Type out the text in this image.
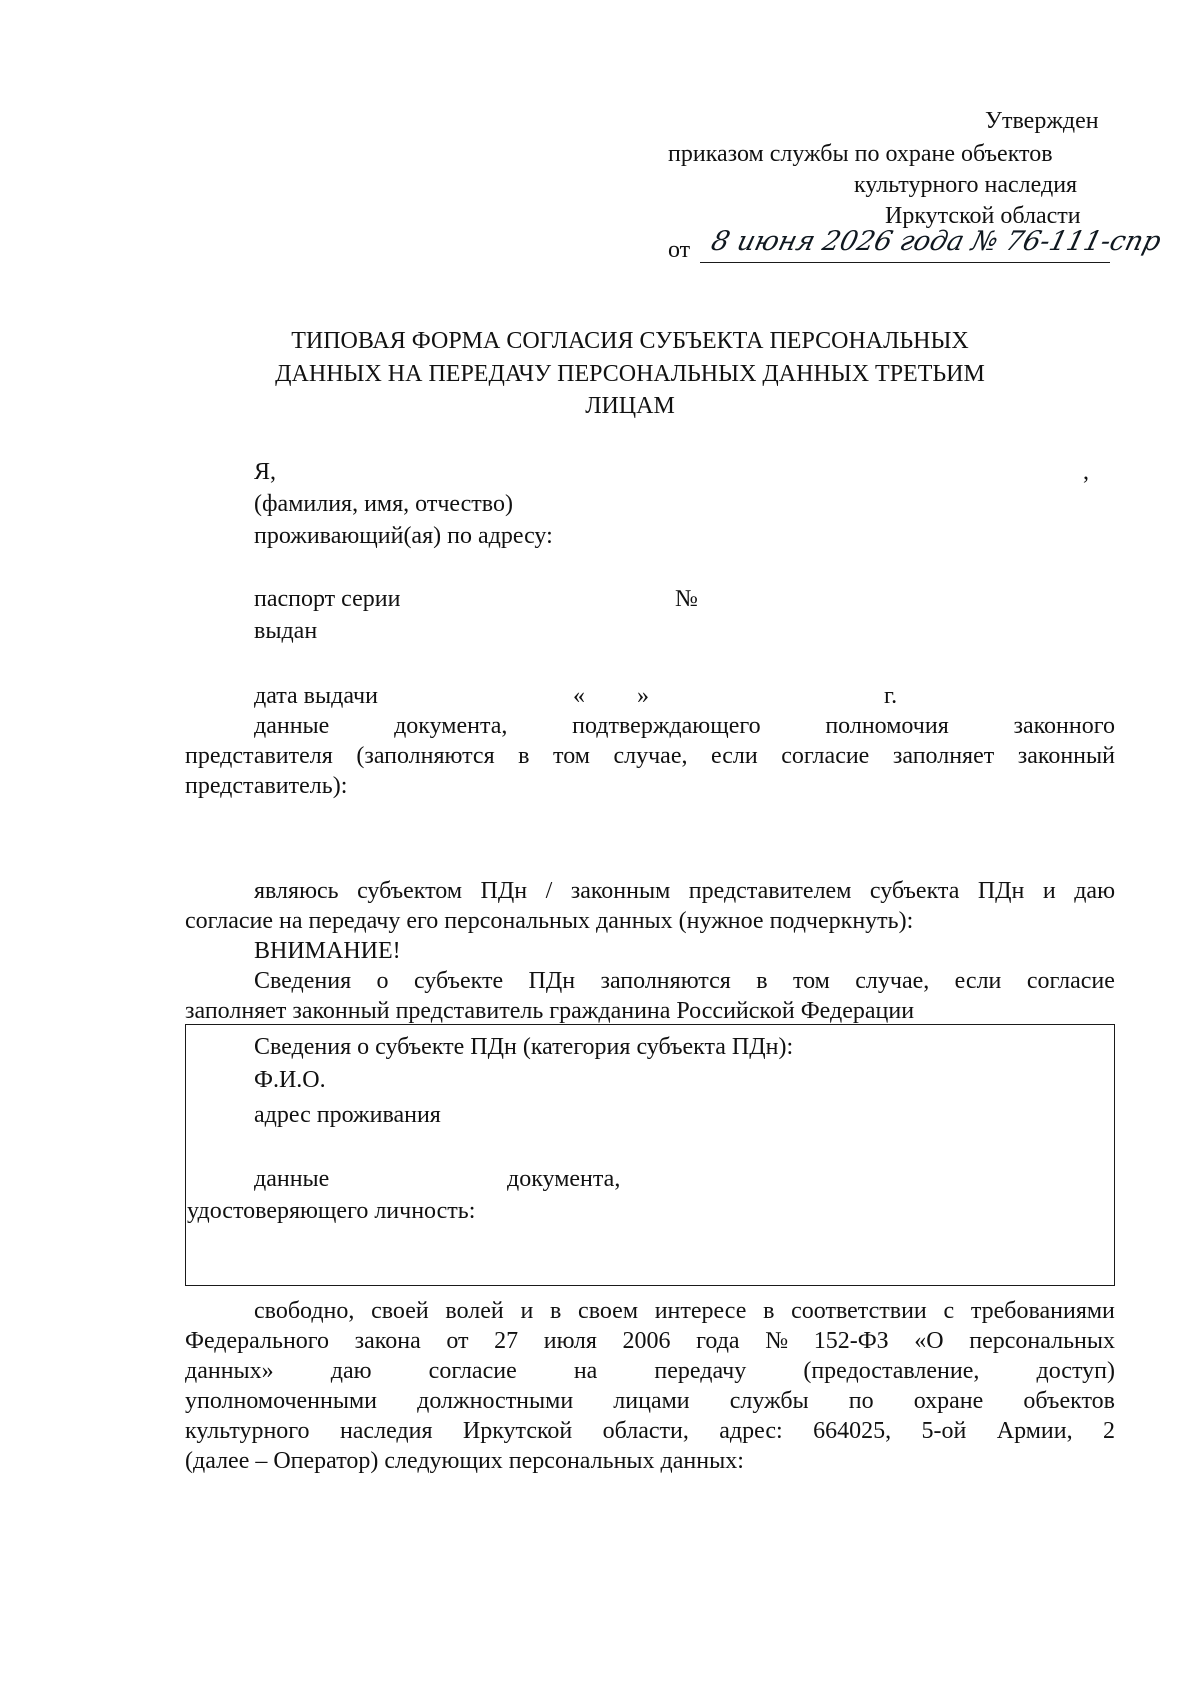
Утвержден
приказом службы по охране объектов
культурного наследия
Иркутской области
от 8 июня 2026 года № 76-111-спр
ТИПОВАЯ ФОРМА СОГЛАСИЯ СУБЪЕКТА ПЕРСОНАЛЬНЫХ
ДАННЫХ НА ПЕРЕДАЧУ ПЕРСОНАЛЬНЫХ ДАННЫХ ТРЕТЬИМ
ЛИЦАМ
Я,	,
(фамилия, имя, отчество)
проживающий(ая) по адресу:
паспорт серии	№
выдан
дата выдачи	« »	г.
данные	документа,	подтверждающего	полномочия	законного
представителя (заполняются в том случае, если согласие заполняет законный
представитель):
являюсь субъектом ПДн / законным представителем субъекта ПДн и даю
согласие на передачу его персональных данных (нужное подчеркнуть):
ВНИМАНИЕ!
Сведения о субъекте ПДн заполняются в том случае, если согласие
заполняет законный представитель гражданина Российской Федерации
Сведения о субъекте ПДн (категория субъекта ПДн):
Ф.И.О.
адрес проживания
данные	документа,
удостоверяющего личность:
свободно, своей волей и в своем интересе в соответствии с требованиями
Федерального закона от 27 июля 2006 года № 152-ФЗ «О персональных
данных» даю согласие на передачу (предоставление, доступ)
уполномоченными должностными лицами службы по охране объектов
культурного наследия Иркутской области, адрес: 664025, 5-ой Армии, 2
(далее – Оператор) следующих персональных данных:
